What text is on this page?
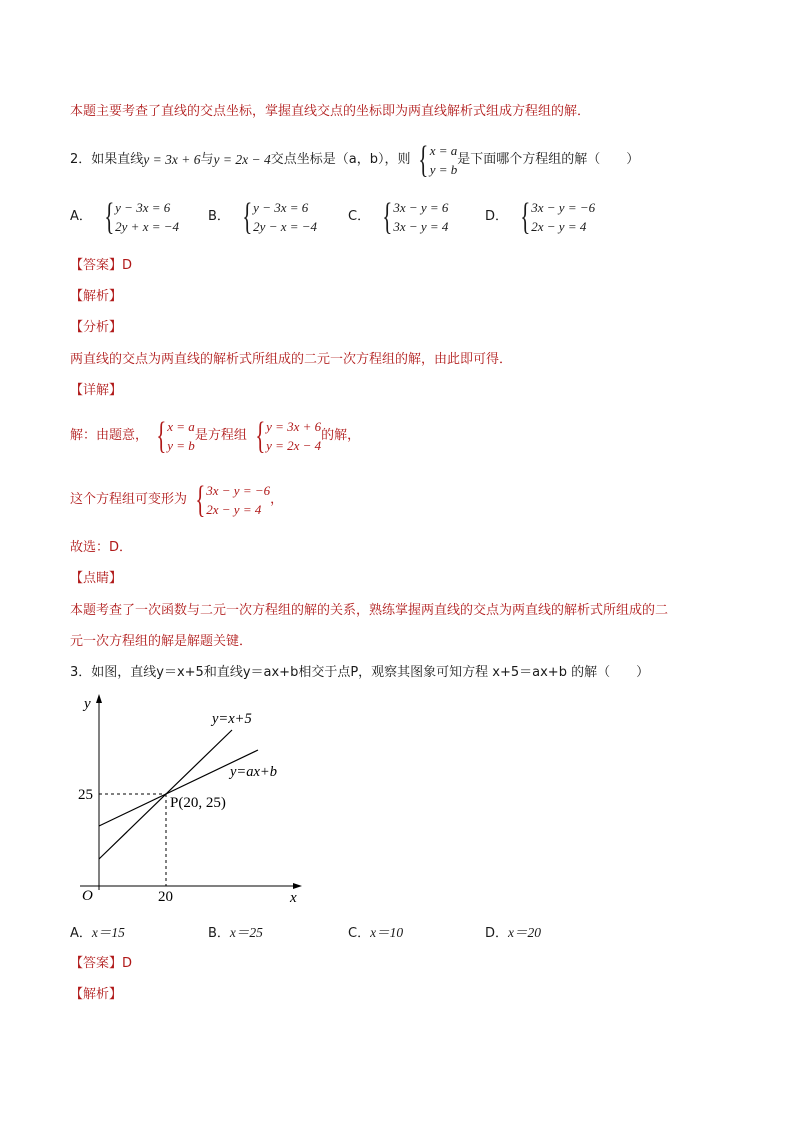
本题主要考查了直线的交点坐标，掌握直线交点的坐标即为两直线解析式组成方程组的解．
2．如果直线 y = 3x + 6 与 y = 2x − 4 交点坐标是（a，b），则 { x = a
y = b
是下面哪个方程组的解（　　）
A． { y − 3x = 6
2y + x = −4
B． { y − 3x = 6
2y − x = −4
C． { 3x − y = 6
3x − y = 4
D． { 3x − y = −6
2x − y = 4
【答案】D
【解析】
【分析】
两直线的交点为两直线的解析式所组成的二元一次方程组的解，由此即可得．
【详解】
解：由题意， { x = a
y = b
是方程组 { y = 3x + 6
y = 2x − 4
的解，
这个方程组可变形为 { 3x − y = −6
2x − y = 4
，
故选：D．
【点睛】
本题考查了一次函数与二元一次方程组的解的关系，熟练掌握两直线的交点为两直线的解析式所组成的二
元一次方程组的解是解题关键．
3．如图，直线y＝x+5和直线y＝ax+b相交于点P，观察其图象可知方程 x+5＝ax+b 的解（　　）
y
x
O
25
20
y=x+5
y=ax+b
P(20, 25)
A．x＝15	B．x＝25	C．x＝10	D．x＝20
【答案】D
【解析】
